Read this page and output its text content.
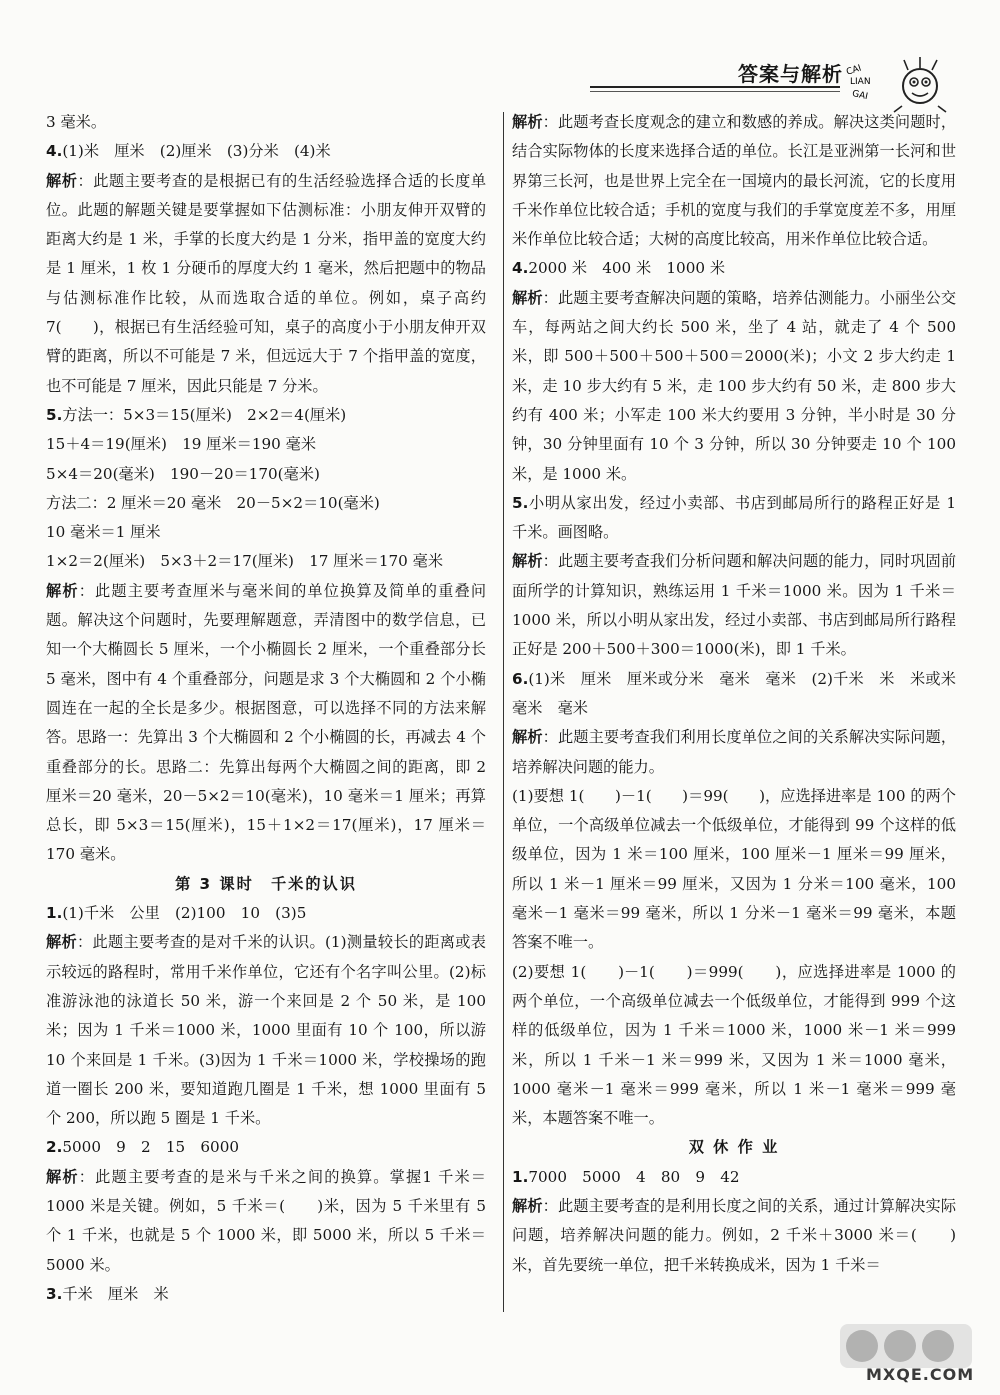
答案与解析 CAI
LIAN
GAI

3 毫米。

4.(1)米　厘米　(2)厘米　(3)分米　(4)米

解析：此题主要考查的是根据已有的生活经验选择合适的长度单位。此题的解题关键是要掌握如下估测标准：小朋友伸开双臂的距离大约是 1 米，手掌的长度大约是 1 分米，指甲盖的宽度大约是 1 厘米，1 枚 1 分硬币的厚度大约 1 毫米，然后把题中的物品与估测标准作比较，从而选取合适的单位。例如，桌子高约 7(　　)，根据已有生活经验可知，桌子的高度小于小朋友伸开双臂的距离，所以不可能是 7 米，但远远大于 7 个指甲盖的宽度，也不可能是 7 厘米，因此只能是 7 分米。

5.方法一：5×3＝15(厘米)　2×2＝4(厘米)

15＋4＝19(厘米)　19 厘米＝190 毫米

5×4＝20(毫米)　190－20＝170(毫米)

方法二：2 厘米＝20 毫米　20－5×2＝10(毫米)

10 毫米＝1 厘米

1×2＝2(厘米)　5×3＋2＝17(厘米)　17 厘米＝170 毫米

解析：此题主要考查厘米与毫米间的单位换算及简单的重叠问题。解决这个问题时，先要理解题意，弄清图中的数学信息，已知一个大椭圆长 5 厘米，一个小椭圆长 2 厘米，一个重叠部分长 5 毫米，图中有 4 个重叠部分，问题是求 3 个大椭圆和 2 个小椭圆连在一起的全长是多少。根据图意，可以选择不同的方法来解答。思路一：先算出 3 个大椭圆和 2 个小椭圆的长，再减去 4 个重叠部分的长。思路二：先算出每两个大椭圆之间的距离，即 2 厘米＝20 毫米，20－5×2＝10(毫米)，10 毫米＝1 厘米；再算总长，即 5×3＝15(厘米)，15＋1×2＝17(厘米)，17 厘米＝170 毫米。

第 3 课时　千米的认识

1.(1)千米　公里　(2)100　10　(3)5

解析：此题主要考查的是对千米的认识。(1)测量较长的距离或表示较远的路程时，常用千米作单位，它还有个名字叫公里。(2)标准游泳池的泳道长 50 米，游一个来回是 2 个 50 米，是 100 米；因为 1 千米＝1000 米，1000 里面有 10 个 100，所以游 10 个来回是 1 千米。(3)因为 1 千米＝1000 米，学校操场的跑道一圈长 200 米，要知道跑几圈是 1 千米，想 1000 里面有 5 个 200，所以跑 5 圈是 1 千米。

2.5000　9　2　15　6000

解析：此题主要考查的是米与千米之间的换算。掌握1 千米＝1000 米是关键。例如，5 千米＝(　　)米，因为 5 千米里有 5 个 1 千米，也就是 5 个 1000 米，即 5000 米，所以 5 千米＝5000 米。

3.千米　厘米　米

解析：此题考查长度观念的建立和数感的养成。解决这类问题时，结合实际物体的长度来选择合适的单位。长江是亚洲第一长河和世界第三长河，也是世界上完全在一国境内的最长河流，它的长度用千米作单位比较合适；手机的宽度与我们的手掌宽度差不多，用厘米作单位比较合适；大树的高度比较高，用米作单位比较合适。

4.2000 米　400 米　1000 米

解析：此题主要考查解决问题的策略，培养估测能力。小丽坐公交车，每两站之间大约长 500 米，坐了 4 站，就走了 4 个 500 米，即 500＋500＋500＋500＝2000(米)；小文 2 步大约走 1 米，走 10 步大约有 5 米，走 100 步大约有 50 米，走 800 步大约有 400 米；小军走 100 米大约要用 3 分钟，半小时是 30 分钟，30 分钟里面有 10 个 3 分钟，所以 30 分钟要走 10 个 100 米，是 1000 米。

5.小明从家出发，经过小卖部、书店到邮局所行的路程正好是 1 千米。画图略。

解析：此题主要考查我们分析问题和解决问题的能力，同时巩固前面所学的计算知识，熟练运用 1 千米＝1000 米。因为 1 千米＝1000 米，所以小明从家出发，经过小卖部、书店到邮局所行路程正好是 200＋500＋300＝1000(米)，即 1 千米。

6.(1)米　厘米　厘米或分米　毫米　毫米　(2)千米　米　米或米　毫米　毫米

解析：此题主要考查我们利用长度单位之间的关系解决实际问题，培养解决问题的能力。

(1)要想 1(　　)－1(　　)＝99(　　)，应选择进率是 100 的两个单位，一个高级单位减去一个低级单位，才能得到 99 个这样的低级单位，因为 1 米＝100 厘米，100 厘米－1 厘米＝99 厘米，所以 1 米－1 厘米＝99 厘米，又因为 1 分米＝100 毫米，100 毫米－1 毫米＝99 毫米，所以 1 分米－1 毫米＝99 毫米，本题答案不唯一。

(2)要想 1(　　)－1(　　)＝999(　　)，应选择进率是 1000 的两个单位，一个高级单位减去一个低级单位，才能得到 999 个这样的低级单位，因为 1 千米＝1000 米，1000 米－1 米＝999 米，所以 1 千米－1 米＝999 米，又因为 1 米＝1000 毫米，1000 毫米－1 毫米＝999 毫米，所以 1 米－1 毫米＝999 毫米，本题答案不唯一。

双 休 作 业

1.7000　5000　4　80　9　42

解析：此题主要考查的是利用长度之间的关系，通过计算解决实际问题，培养解决问题的能力。例如，2 千米＋3000 米＝(　　)米，首先要统一单位，把千米转换成米，因为 1 千米＝

MXQE.COM
